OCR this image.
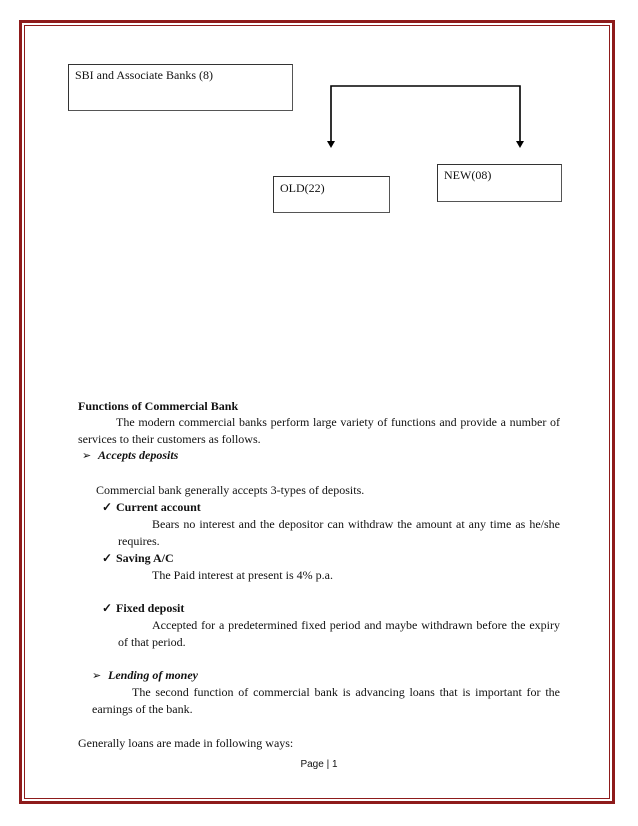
SBI and Associate Banks (8)
OLD(22)
NEW(08)
Functions of Commercial Bank
The modern commercial banks perform large variety of functions and provide a number of services to their customers as follows.
➢ Accepts deposits
Commercial bank generally accepts 3-types of deposits.
✓ Current account
Bears no interest and the depositor can withdraw the amount at any time as he/she requires.
✓ Saving A/C
The Paid interest at present is 4% p.a.
✓ Fixed deposit
Accepted for a predetermined fixed period and maybe withdrawn before the expiry of that period.
➢ Lending of money
The second function of commercial bank is advancing loans that is important for the earnings of the bank.
Generally loans are made in following ways:
Page | 1
